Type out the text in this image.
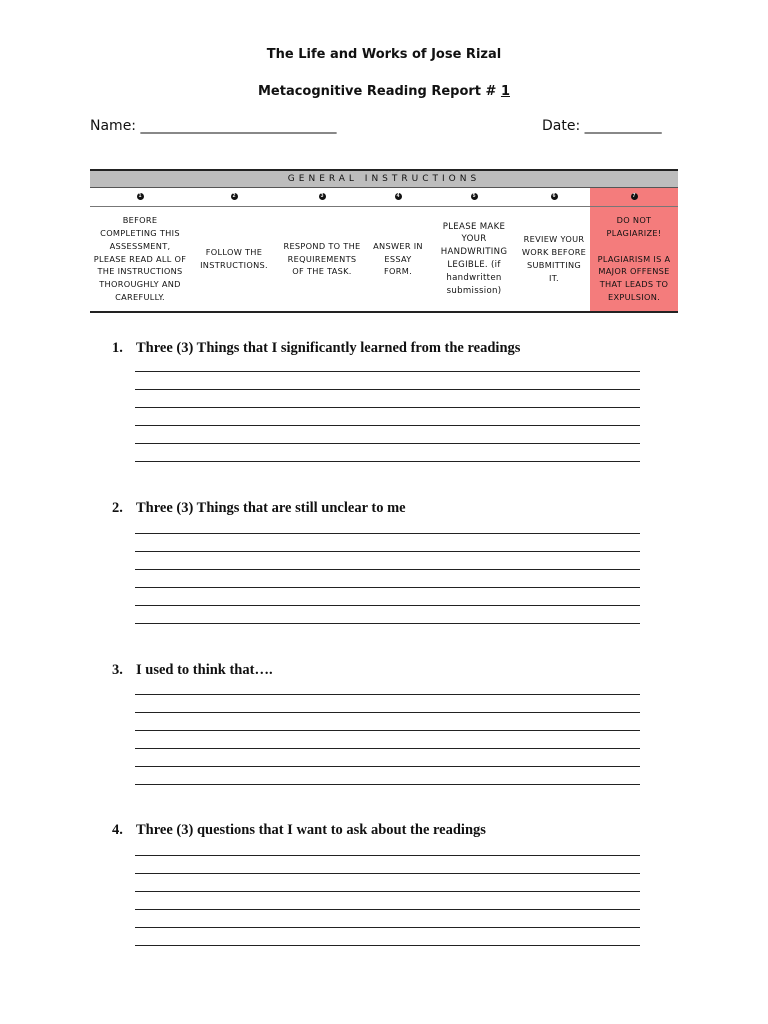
The Life and Works of Jose Rizal
Metacognitive Reading Report # 1
Name: ____________________________	Date: ___________
GENERAL INSTRUCTIONS						
1	2	3	4	5	6	7
BEFORE COMPLETING THIS ASSESSMENT, PLEASE READ ALL OF THE INSTRUCTIONS THOROUGHLY AND CAREFULLY.	FOLLOW THE INSTRUCTIONS.	RESPOND TO THE REQUIREMENTS OF THE TASK.	ANSWER IN ESSAY FORM.	PLEASE MAKE YOUR HANDWRITING LEGIBLE. (if handwritten submission)	REVIEW YOUR WORK BEFORE SUBMITTING IT.	DO NOT PLAGIARIZE!

PLAGIARISM IS A MAJOR OFFENSE THAT LEADS TO EXPULSION.
1. Three (3) Things that I significantly learned from the readings
2. Three (3) Things that are still unclear to me
3. I used to think that….
4. Three (3) questions that I want to ask about the readings
